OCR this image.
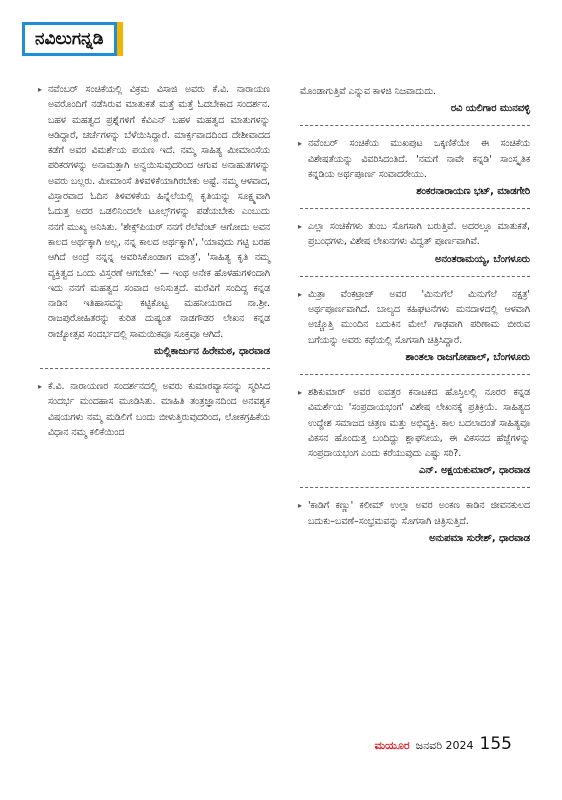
ನವಿಲುಗನ್ನಡಿ
▸ ನವೆಂಬರ್ ಸಂಚಿಕೆಯಲ್ಲಿ ವಿಕ್ರಮ ವಿಸಾಜಿ ಅವರು ಕೆ.ವಿ. ನಾರಾಯಣ ಅವರೊಂದಿಗೆ ನಡೆಸಿರುವ ಮಾತುಕತೆ ಮತ್ತೆ ಮತ್ತೆ ಓದಬೇಕಾದ ಸಂದರ್ಶನ. ಬಹಳ ಮಹತ್ವದ ಪ್ರಶ್ನೆಗಳಿಗೆ ಕೆವಿಎನ್ ಬಹಳ ಮಹತ್ವದ ಮಾತುಗಳನ್ನು ಆಡಿದ್ದಾರೆ, ಚರ್ಚೆಗಳನ್ನು ಬೆಳೆಯಿಸಿದ್ದಾರೆ. ಮಾರ್ಕ್ಸವಾದದಿಂದ ದೇಶೀವಾದದ ಕಡೆಗೆ ಅವರ ವಿಮರ್ಶೆಯ ಪಯಣ ಇದೆ. ನಮ್ಮ ಸಾಹಿತ್ಯ ಮೀಮಾಂಸೆಯ ಪರಿಕರಗಳನ್ನು ಅನಾಮತ್ತಾಗಿ ಅನ್ವಯಿಸುವುದರಿಂದ ಆಗುವ ಅನಾಹುತಗಳನ್ನು ಅವರು ಬಲ್ಲರು. ಮೀಮಾಂಸೆ ತಿಳಿವಳಿಕೆಯಾಗಿರಬೇಕು ಅಷ್ಟೆ. ನಮ್ಮ ಆಳವಾದ, ವಿಸ್ತಾರವಾದ ಓದಿನ ತಿಳಿವಳಿಕೆಯ ಹಿನ್ನೆಲೆಯಲ್ಲಿ ಕೃತಿಯನ್ನು ಸೂಕ್ಷ್ಮವಾಗಿ ಓದುತ್ತ ಅದರ ಒಡಲಿನಿಂದಲೇ ಟೂಲ್ಸ್‌ಗಳನ್ನು ಪಡೆಯಬೇಕು ಎಂಬುದು ನನಗೆ ಮುಖ್ಯ ಅನಿಸಿತು. 'ಶೇಕ್ಸ್‌ಪಿಯರ್ ನನಗೆ ರೆಲೆವೆಂಟ್ ಆಗೋದು ಅವನ ಕಾಲದ ಅರ್ಥಕ್ಕಾಗಿ ಅಲ್ಲ, ನನ್ನ ಕಾಲದ ಅರ್ಥಕ್ಕಾಗಿ', 'ಯಾವುದು ಗಟ್ಟಿ ಬರಹ ಆಗಿದೆ ಅಂದ್ರೆ ನನ್ನನ್ನ ಆವರಿಸಿಕೊಂಡಾಗ ಮಾತ್ರ', 'ಸಾಹಿತ್ಯ ಕೃತಿ ನಮ್ಮ ವ್ಯಕ್ತಿತ್ವದ ಒಂದು ವಿಸ್ತರಣೆ ಆಗಬೇಕು' — ಇಂಥ ಅನೇಕ ಹೊಳಹುಗಳಿಂದಾಗಿ ಇದು ನನಗೆ ಮಹತ್ವದ ಸಂವಾದ ಅನಿಸುತ್ತದೆ. ಮರೆವಿಗೆ ಸಂದಿದ್ದ ಕನ್ನಡ ನಾಡಿನ ಇತಿಹಾಸವನ್ನು ಕಟ್ಟಿಕೊಟ್ಟ ಮಹನೀಯರಾದ ನಾ.ಶ್ರೀ. ರಾಜಪುರೋಹಿತರನ್ನು ಕುರಿತ ದುಷ್ಯಂತ ನಾಡಗೌಡರ ಲೇಖನ ಕನ್ನಡ ರಾಜ್ಯೋತ್ಸವ ಸಂದರ್ಭದಲ್ಲಿ ಸಾಮಯಿಕವೂ ಸೂಕ್ತವೂ ಆಗಿದೆ.
ಮಲ್ಲಿಕಾರ್ಜುನ ಹಿರೇಮಠ, ಧಾರವಾಡ
▸ ಕೆ.ವಿ. ನಾರಾಯಣರ ಸಂದರ್ಶನದಲ್ಲಿ ಅವರು ಕುಮಾರವ್ಯಾಸನನ್ನು ಸ್ಮರಿಸಿದ ಸಂದರ್ಭ ಮಂದಹಾಸ ಮೂಡಿಸಿತು. ಮಾಹಿತಿ ತಂತ್ರಜ್ಞಾನದಿಂದ ಅನವಶ್ಯಕ ವಿಷಯಗಳು ನಮ್ಮ ಮಡಿಲಿಗೆ ಬಂದು ಬೀಳುತ್ತಿರುವುದರಿಂದ, ಲೋಕಗ್ರಹಿಕೆಯ ವಿಧಾನ ನಮ್ಮ ಕಲಿಕೆಯಿಂದ
ಮೊಂಡಾಗುತ್ತಿವೆ ಎನ್ನುವ ಕಾಳಜಿ ನಿಜವಾದುದು.
ರವಿ ಯಲಿಗಾರ ಮುನವಳ್ಳಿ
▸ ನವೆಂಬರ್ ಸಂಚಿಕೆಯ ಮುಖಪುಟ ಒಕ್ಕಣಿಕೆಯೇ ಈ ಸಂಚಿಕೆಯ ವಿಶೇಷತೆಯನ್ನು ವಿವರಿಸಿದಂತಿದೆ. 'ನಮಗೆ ನಾವೇ ಕನ್ನಡಿ' ಸಾಂಸ್ಕೃತಿಕ ಕನ್ನಡಿಯ ಅರ್ಥಪೂರ್ಣ ಸಂವಾದರೇಯು.
ಶಂಕರನಾರಾಯಣ ಭಟ್, ಮಾಡಗೇರಿ
▸ ಎಲ್ಲಾ ಸಂಚಿಕೆಗಳು ತುಂಬ ಸೊಗಸಾಗಿ ಬರುತ್ತಿವೆ. ಅದರಲ್ಲೂ ಮಾತುಕತೆ, ಪ್ರಬಂಧಗಳು, ವಿಶೇಷ ಲೇಖನಗಳು ವಿದ್ವತ್ ಪೂರ್ಣವಾಗಿವೆ.
ಅನಂತರಾಮಯ್ಯ, ಬೆಂಗಳೂರು
▸ ಮಿತ್ರಾ ವೆಂಕಟ್ರಾಜ್ ಅವರ 'ಮಿನುಗೆಲೆ ಮಿನುಗೆಲೆ ನಕ್ಷತ್ರ' ಅರ್ಥಪೂರ್ಣವಾಗಿದೆ. ಬಾಲ್ಯದ ಕಹಿಘಟನೆಗಳು ಮನದಾಳದಲ್ಲಿ ಆಳವಾಗಿ ಅಚ್ಚೊತ್ತಿ ಮುಂದಿನ ಬದುಕಿನ ಮೇಲೆ ಗಾಢವಾಗಿ ಪರಿಣಾಮ ಬೀರುವ ಬಗೆಯನ್ನು ಅವರು ಕಥೆಯಲ್ಲಿ ಸೊಗಸಾಗಿ ಚಿತ್ರಿಸಿದ್ದಾರೆ.
ಶಾಂತಲಾ ರಾಜಗೋಪಾಲ್, ಬೆಂಗಳೂರು
▸ ಶಶಿಕುಮಾರ್ ಅವರ ಐವತ್ತರ ಕನಾಟಕದ ಹೊಸ್ತಿಲಲ್ಲಿ ನೂರರ ಕನ್ನಡ ವಿಮರ್ಶೆಯ 'ಸಂಪ್ರದಾಯಭಂಗ' ವಿಶೇಷ ಲೇಖನಕ್ಕೆ ಪ್ರತಿಕ್ರಿಯೆ. ಸಾಹಿತ್ಯದ ಉದ್ದೇಶ ಸಮಾಜದ ಚಿತ್ರಣ ಮತ್ತು ಅಭಿವ್ಯಕ್ತಿ. ಕಾಲ ಬದಲಾದಂತೆ ಸಾಹಿತ್ಯವೂ ವಿಕಸನ ಹೊಂದುತ್ತ ಬಂದಿದ್ದು ಶ್ಲಾಘನೀಯ, ಈ ವಿಕಸನದ ಹೆಜ್ಜೆಗಳನ್ನು ಸಂಪ್ರದಾಯಭಂಗ ಎಂದು ಕರೆಯುವುದು ಎಷ್ಟು ಸರಿ?.
ಎನ್. ಅಕ್ಷಯಕುಮಾರ್, ಧಾರವಾಡ
▸ 'ಕಾಡಿಗೆ ಕಣ್ಣು' ಕಲೀಮ್ ಉಲ್ಲಾ ಅವರ ಅಂಕಣ ಕಾಡಿನ ಜೀವನಕುಲದ ಬದುಕು–ಬವಣೆ–ಸಂಭ್ರಮವನ್ನು ಸೊಗಸಾಗಿ ಚಿತ್ರಿಸುತ್ತಿದೆ.
ಅನುಪಮಾ ಸುರೇಶ್, ಧಾರವಾಡ
ಮಯೂರ ಜನವರಿ 2024 155
